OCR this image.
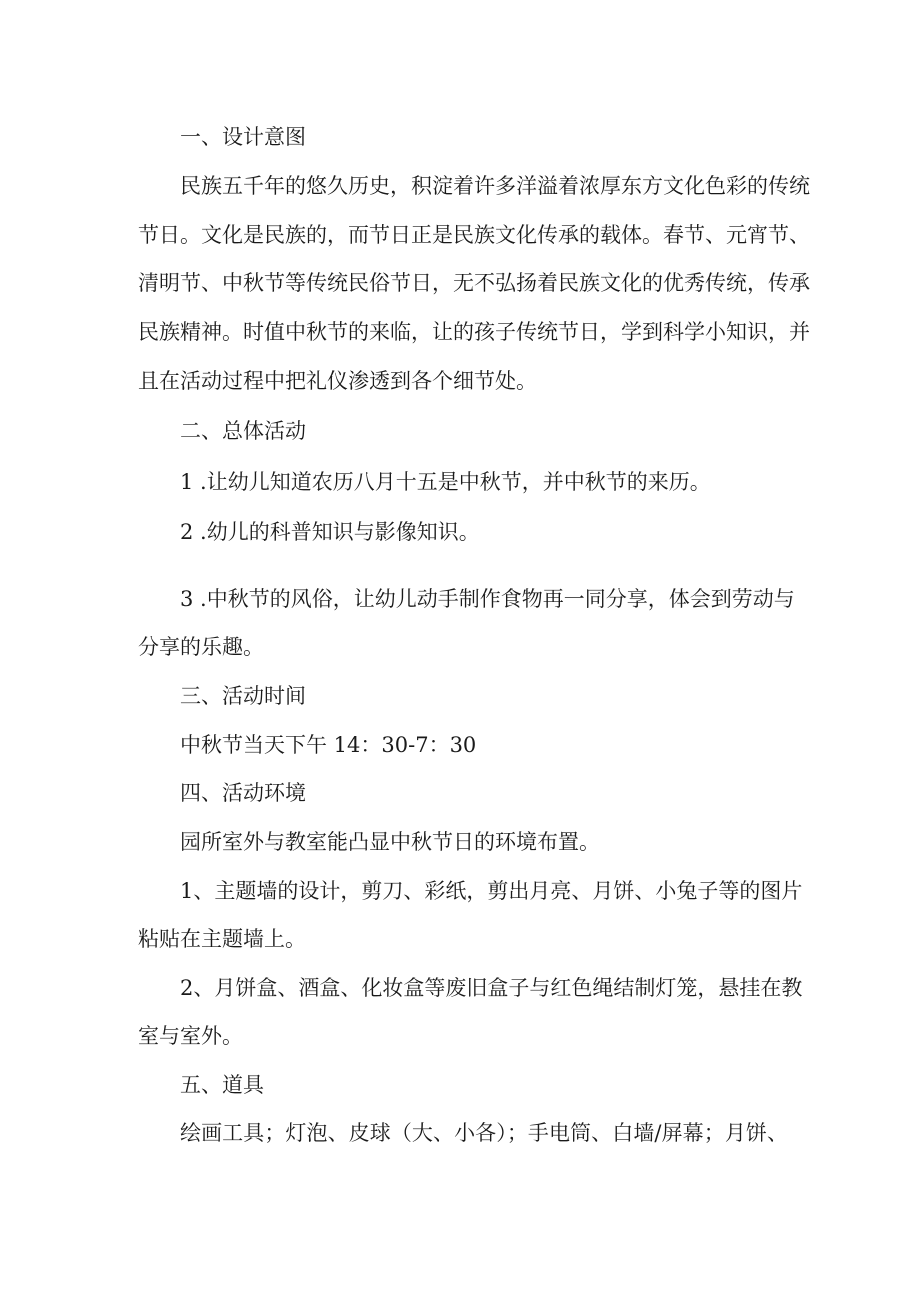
一、设计意图
民族五千年的悠久历史，积淀着许多洋溢着浓厚东方文化色彩的传统
节日。文化是民族的，而节日正是民族文化传承的载体。春节、元宵节、
清明节、中秋节等传统民俗节日，无不弘扬着民族文化的优秀传统，传承
民族精神。时值中秋节的来临，让的孩子传统节日，学到科学小知识，并
且在活动过程中把礼仪渗透到各个细节处。
二、总体活动
1 .让幼儿知道农历八月十五是中秋节，并中秋节的来历。
2 .幼儿的科普知识与影像知识。
3 .中秋节的风俗，让幼儿动手制作食物再一同分享，体会到劳动与
分享的乐趣。
三、活动时间
中秋节当天下午 14：30-7：30
四、活动环境
园所室外与教室能凸显中秋节日的环境布置。
1、主题墙的设计，剪刀、彩纸，剪出月亮、月饼、小兔子等的图片
粘贴在主题墙上。
2、月饼盒、酒盒、化妆盒等废旧盒子与红色绳结制灯笼，悬挂在教
室与室外。
五、道具
绘画工具；灯泡、皮球（大、小各）；手电筒、白墙/屏幕；月饼、
